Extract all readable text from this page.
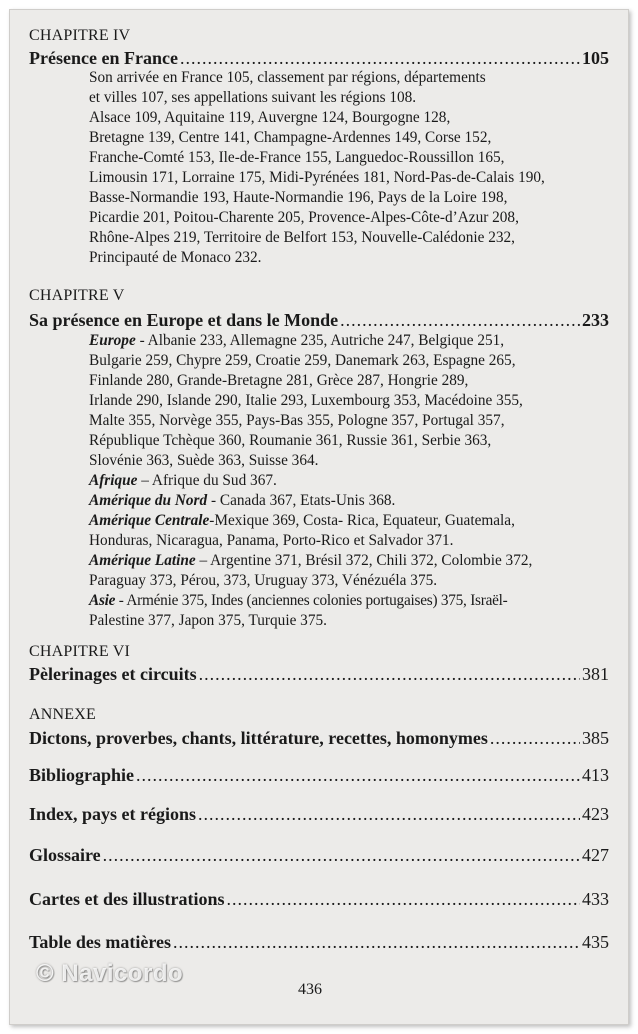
CHAPITRE IV
Présence en France .....	105
Son arrivée en France 105, classement par régions, départements
et villes 107, ses appellations suivant les régions 108.
Alsace 109, Aquitaine 119, Auvergne 124, Bourgogne 128,
Bretagne 139, Centre 141, Champagne-Ardennes 149, Corse 152,
Franche-Comté 153, Ile-de-France 155, Languedoc-Roussillon 165,
Limousin 171, Lorraine 175, Midi-Pyrénées 181, Nord-Pas-de-Calais 190,
Basse-Normandie 193, Haute-Normandie 196, Pays de la Loire 198,
Picardie 201, Poitou-Charente 205, Provence-Alpes-Côte-d’Azur 208,
Rhône-Alpes 219, Territoire de Belfort 153, Nouvelle-Calédonie 232,
Principauté de Monaco 232.
CHAPITRE V
Sa présence en Europe et dans le Monde .....	233
Europe - Albanie 233, Allemagne 235, Autriche 247, Belgique 251,
Bulgarie 259, Chypre 259, Croatie 259, Danemark 263, Espagne 265,
Finlande 280, Grande-Bretagne 281, Grèce 287, Hongrie 289,
Irlande 290, Islande 290, Italie 293, Luxembourg 353, Macédoine 355,
Malte 355, Norvège 355, Pays-Bas 355, Pologne 357, Portugal 357,
République Tchèque 360, Roumanie 361, Russie 361, Serbie 363,
Slovénie 363, Suède 363, Suisse 364.
Afrique – Afrique du Sud 367.
Amérique du Nord - Canada 367, Etats-Unis 368.
Amérique Centrale-Mexique 369, Costa- Rica, Equateur, Guatemala,
Honduras, Nicaragua, Panama, Porto-Rico et Salvador 371.
Amérique Latine – Argentine 371, Brésil 372, Chili 372, Colombie 372,
Paraguay 373, Pérou, 373, Uruguay 373, Vénézuéla 375.
Asie - Arménie 375, Indes (anciennes colonies portugaises) 375, Israël-
Palestine 377, Japon 375, Turquie 375.
CHAPITRE VI
Pèlerinages et circuits .....	381
ANNEXE
Dictons, proverbes, chants, littérature, recettes, homonymes .....	385
Bibliographie .....	413
Index, pays et régions .....	423
Glossaire .....	427
Cartes et des illustrations .....	433
Table des matières .....	435
436
© Navicordo
